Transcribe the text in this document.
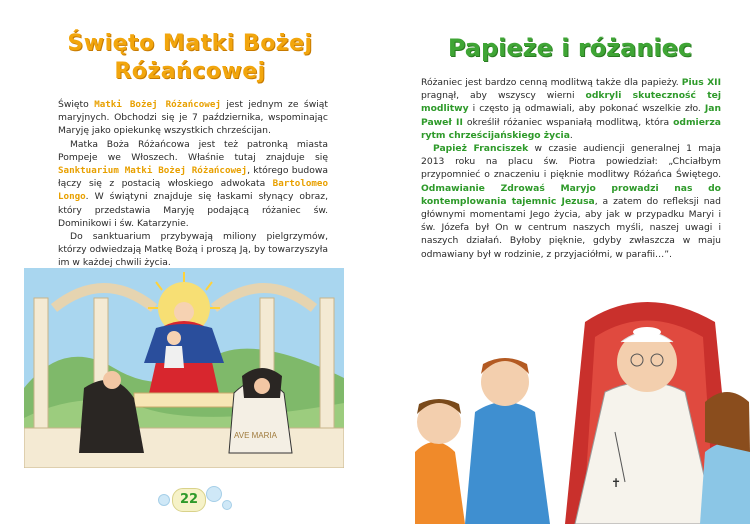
Święto Matki Bożej Różańcowej

Święto Matki Bożej Różańcowej jest jednym ze świąt maryjnych. Obchodzi się je 7 października, wspominając Maryję jako opiekunkę wszystkich chrześcijan.

Matka Boża Różańcowa jest też patronką miasta Pompeje we Włoszech. Właśnie tutaj znajduje się Sanktuarium Matki Bożej Różańcowej, którego budowa łączy się z postacią włoskiego adwokata Bartolomeo Longo. W świątyni znajduje się łaskami słynący obraz, który przedstawia Maryję podającą różaniec św. Dominikowi i św. Katarzynie.

Do sanktuarium przybywają miliony pielgrzymów, którzy odwiedzają Matkę Bożą i proszą Ją, by towarzyszyła im w każdej chwili życia.

AVE MARIA
22
Papieże i różaniec

Różaniec jest bardzo cenną modlitwą także dla papieży. Pius XII pragnął, aby wszyscy wierni odkryli skuteczność tej modlitwy i często ją odmawiali, aby pokonać wszelkie zło. Jan Paweł II określił różaniec wspaniałą modlitwą, która odmierza rytm chrześcijańskiego życia.

Papież Franciszek w czasie audiencji generalnej 1 maja 2013 roku na placu św. Piotra powiedział: „Chciałbym przypomnieć o znaczeniu i pięknie modlitwy Różańca Świętego. Odmawianie Zdrowaś Maryjo prowadzi nas do kontemplowania tajemnic Jezusa, a zatem do refleksji nad głównymi momentami Jego życia, aby jak w przypadku Maryi i św. Józefa był On w centrum naszych myśli, naszej uwagi i naszych działań. Byłoby pięknie, gdyby zwłaszcza w maju odmawiany był w rodzinie, z przyjaciółmi, w parafii…”.

✝
